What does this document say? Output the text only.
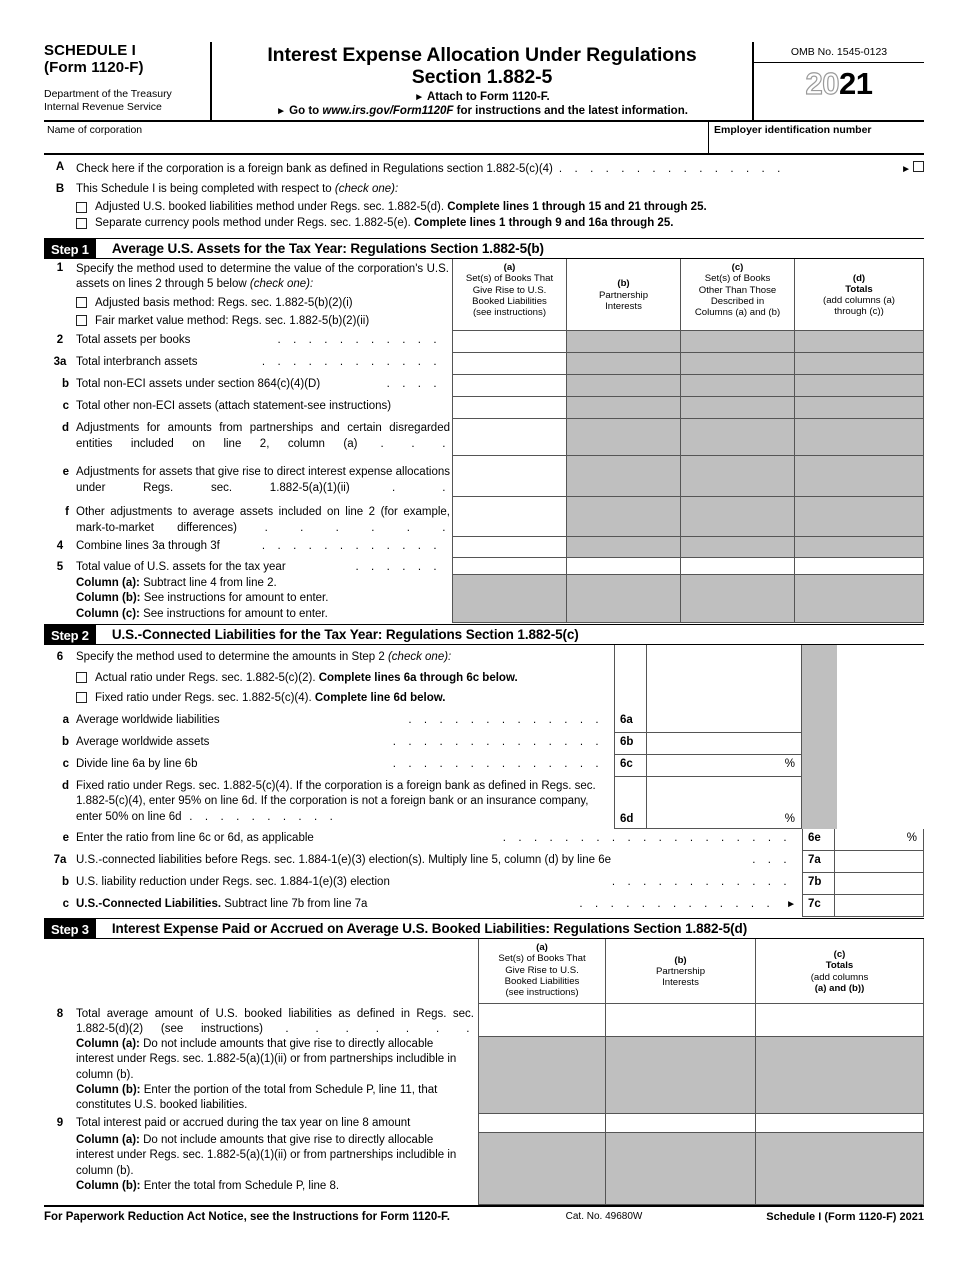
SCHEDULE I
(Form 1120-F)
Department of the Treasury
Internal Revenue Service
Interest Expense Allocation Under Regulations
Section 1.882-5
► Attach to Form 1120-F.
► Go to www.irs.gov/Form1120F for instructions and the latest information.
OMB No. 1545-0123
2021
Name of corporation	Employer identification number
A	Check here if the corporation is a foreign bank as defined in Regulations section 1.882-5(c)(4) . . . . . . . . . . . . . . .	►
B	This Schedule I is being completed with respect to (check one):
Adjusted U.S. booked liabilities method under Regs. sec. 1.882-5(d). Complete lines 1 through 15 and 21 through 25.
Separate currency pools method under Regs. sec. 1.882-5(e). Complete lines 1 through 9 and 16a through 25.
Step 1	Average U.S. Assets for the Tax Year: Regulations Section 1.882-5(b)
1	Specify the method used to determine the value of the corporation's U.S. assets on lines 2 through 5 below (check one):
Adjusted basis method: Regs. sec. 1.882-5(b)(2)(i)
Fair market value method: Regs. sec. 1.882-5(b)(2)(ii)
(a)
Set(s) of Books That
Give Rise to U.S.
Booked Liabilities
(see instructions)
(b)
Partnership
Interests
(c)
Set(s) of Books
Other Than Those
Described in
Columns (a) and (b)
(d)
Totals
(add columns (a)
through (c))
2	Total assets per books	. . . . . . . . . . .
3a Total interbranch assets	. . . . . . . . . . . .
b Total non-ECI assets under section 864(c)(4)(D)	. . . .
c Total other non-ECI assets (attach statement-see instructions)
d Adjustments for amounts from partnerships and certain disregarded entities included on line 2, column (a) . . .
e Adjustments for assets that give rise to direct interest expense allocations under Regs. sec. 1.882-5(a)(1)(ii) . .
f Other adjustments to average assets included on line 2 (for example, mark-to-market differences) . . . . . .
4	Combine lines 3a through 3f	. . . . . . . . . . . .
5	Total value of U.S. assets for the tax year	. . . . . .
Column (a): Subtract line 4 from line 2.
Column (b): See instructions for amount to enter.
Column (c): See instructions for amount to enter.
Step 2	U.S.-Connected Liabilities for the Tax Year: Regulations Section 1.882-5(c)
6	Specify the method used to determine the amounts in Step 2 (check one):
Actual ratio under Regs. sec. 1.882-5(c)(2). Complete lines 6a through 6c below.
Fixed ratio under Regs. sec. 1.882-5(c)(4). Complete line 6d below.
a Average worldwide liabilities	. . . . . . . . . . . . . 6a
b Average worldwide assets	. . . . . . . . . . . . . . 6b
c Divide line 6a by line 6b	. . . . . . . . . . . . . . 6c	%
d Fixed ratio under Regs. sec. 1.882-5(c)(4). If the corporation is a foreign bank as defined in Regs. sec. 1.882-5(c)(4), enter 95% on line 6d. If the corporation is not a foreign bank or an insurance company, enter 50% on line 6d . . . . . . . . . .	6d	%
e Enter the ratio from line 6c or 6d, as applicable	. . . . . . . . . . . . . . . . . . . 6e	%
7a U.S.-connected liabilities before Regs. sec. 1.884-1(e)(3) election(s). Multiply line 5, column (d) by line 6e	. . . 7a
b U.S. liability reduction under Regs. sec. 1.884-1(e)(3) election	. . . . . . . . . . . . 7b
c U.S.-Connected Liabilities. Subtract line 7b from line 7a	. . . . . . . . . . . . . ►	7c
Step 3	Interest Expense Paid or Accrued on Average U.S. Booked Liabilities: Regulations Section 1.882-5(d)
(a)
Set(s) of Books That
Give Rise to U.S.
Booked Liabilities
(see instructions)
(b)
Partnership
Interests
(c)
Totals
(add columns
(a) and (b))
8	Total average amount of U.S. booked liabilities as defined in Regs. sec. 1.882-5(d)(2) (see instructions) . . . . . . .
Column (a): Do not include amounts that give rise to directly allocable interest under Regs. sec. 1.882-5(a)(1)(ii) or from partnerships includible in column (b).
Column (b): Enter the portion of the total from Schedule P, line 11, that constitutes U.S. booked liabilities.
9	Total interest paid or accrued during the tax year on line 8 amount
Column (a): Do not include amounts that give rise to directly allocable interest under Regs. sec. 1.882-5(a)(1)(ii) or from partnerships includible in column (b).
Column (b): Enter the total from Schedule P, line 8.
For Paperwork Reduction Act Notice, see the Instructions for Form 1120-F.	Cat. No. 49680W	Schedule I (Form 1120-F) 2021
